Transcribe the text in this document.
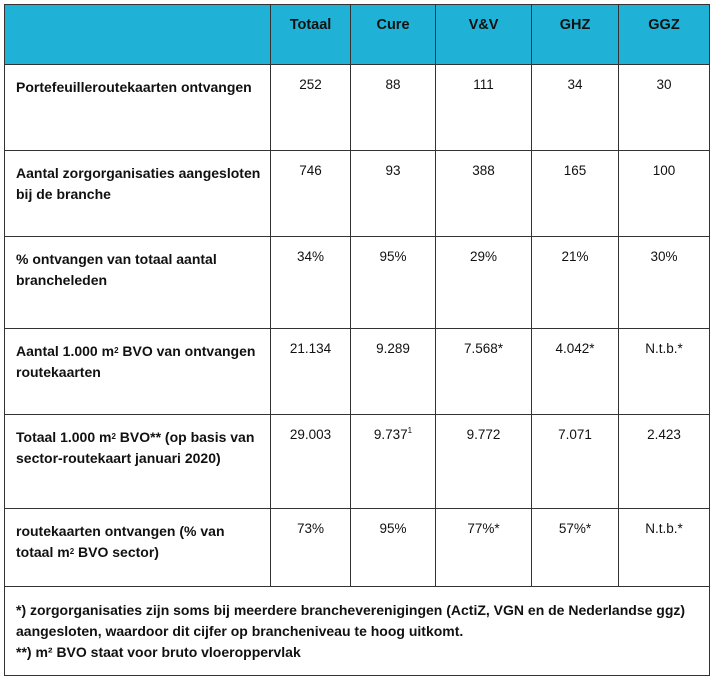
	Totaal	Cure	V&V	GHZ	GGZ
Portefeuilleroutekaarten ontvangen	252	88	111	34	30
Aantal zorgorganisaties aangesloten bij de branche	746	93	388	165	100
% ontvangen van totaal aantal brancheleden	34%	95%	29%	21%	30%
Aantal 1.000 $m^2$ BVO van ontvangen routekaarten	21.134	9.289	7.568*	4.042*	N.t.b.*
Totaal 1.000 $m^2$ BVO** (op basis van sector-routekaart januari 2020)	29.003	9.737$^1$	9.772	7.071	2.423
routekaarten ontvangen (% van totaal $m^2$ BVO sector)	73%	95%	77%*	57%*	N.t.b.*

*) zorgorganisaties zijn soms bij meerdere brancheverenigingen (ActiZ, VGN en de Nederlandse ggz) aangesloten, waardoor dit cijfer op brancheniveau te hoog uitkomt.
**) m² BVO staat voor bruto vloeroppervlak					
